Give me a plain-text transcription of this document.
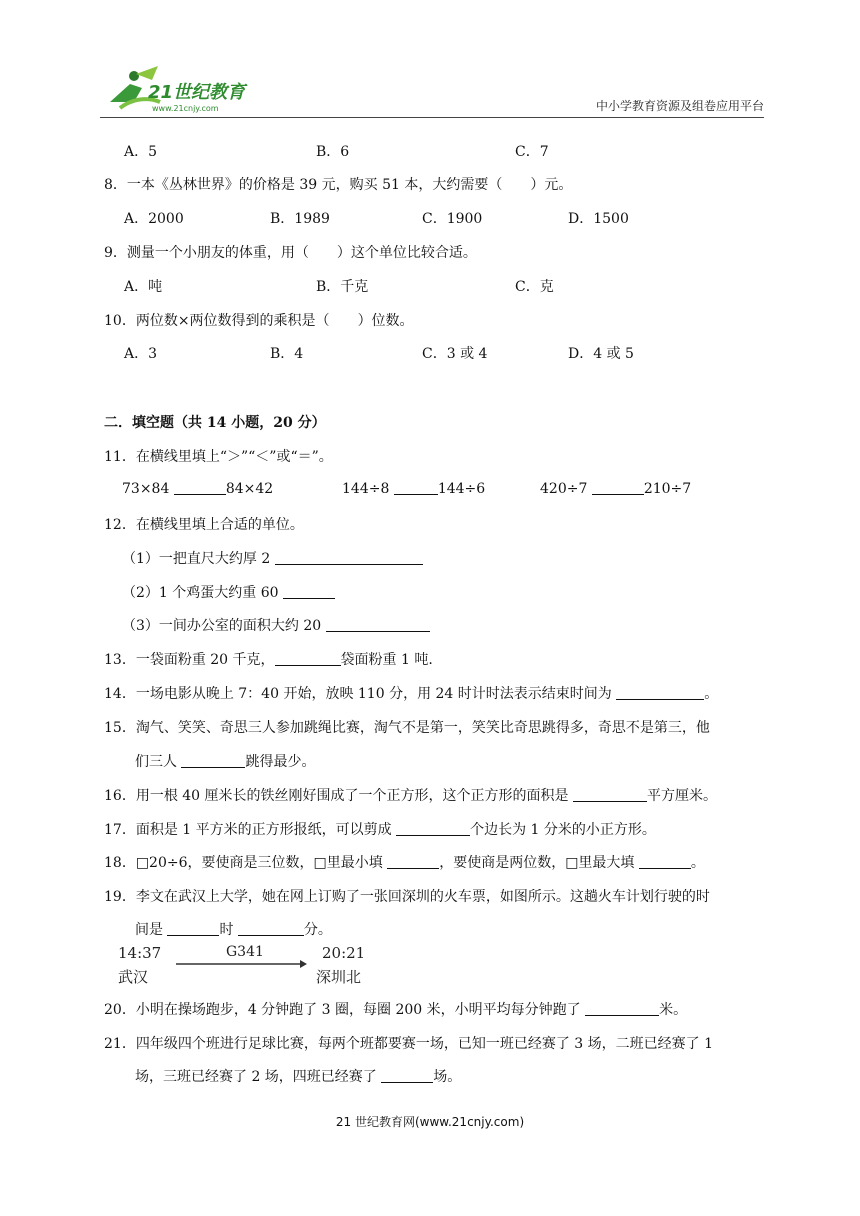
21世纪教育
www.21cnjy.com	中小学教育资源及组卷应用平台
A．5	B．6	C．7
8．一本《丛林世界》的价格是 39 元，购买 51 本，大约需要（ ）元。
A．2000	B．1989	C．1900	D．1500
9．测量一个小朋友的体重，用（ ）这个单位比较合适。
A．吨	B．千克	C．克
10．两位数×两位数得到的乘积是（ ）位数。
A．3	B．4	C．3 或 4	D．4 或 5
二．填空题（共 14 小题，20 分）
11．在横线里填上“＞”“＜”或“＝”。
73×84	84×42	144÷8	144÷6	420÷7	210÷7
12．在横线里填上合适的单位。
（1）一把直尺大约厚 2
（2）1 个鸡蛋大约重 60
（3）一间办公室的面积大约 20
13．一袋面粉重 20 千克，	袋面粉重 1 吨.
14．一场电影从晚上 7：40 开始，放映 110 分，用 24 时计时法表示结束时间为	。
15．淘气、笑笑、奇思三人参加跳绳比赛，淘气不是第一，笑笑比奇思跳得多，奇思不是第三，他
们三人	跳得最少。
16．用一根 40 厘米长的铁丝刚好围成了一个正方形，这个正方形的面积是	平方厘米。
17．面积是 1 平方米的正方形报纸，可以剪成	个边长为 1 分米的小正方形。
18．□20÷6，要使商是三位数，□里最小填	，要使商是两位数，□里最大填	。
19．李文在武汉上大学，她在网上订购了一张回深圳的火车票，如图所示。这趟火车计划行驶的时
间是	时	分。
14:37	G341	20:21
武汉	深圳北
20．小明在操场跑步，4 分钟跑了 3 圈，每圈 200 米，小明平均每分钟跑了	米。
21．四年级四个班进行足球比赛，每两个班都要赛一场，已知一班已经赛了 3 场，二班已经赛了 1
场，三班已经赛了 2 场，四班已经赛了	场。
21 世纪教育网(www.21cnjy.com)
